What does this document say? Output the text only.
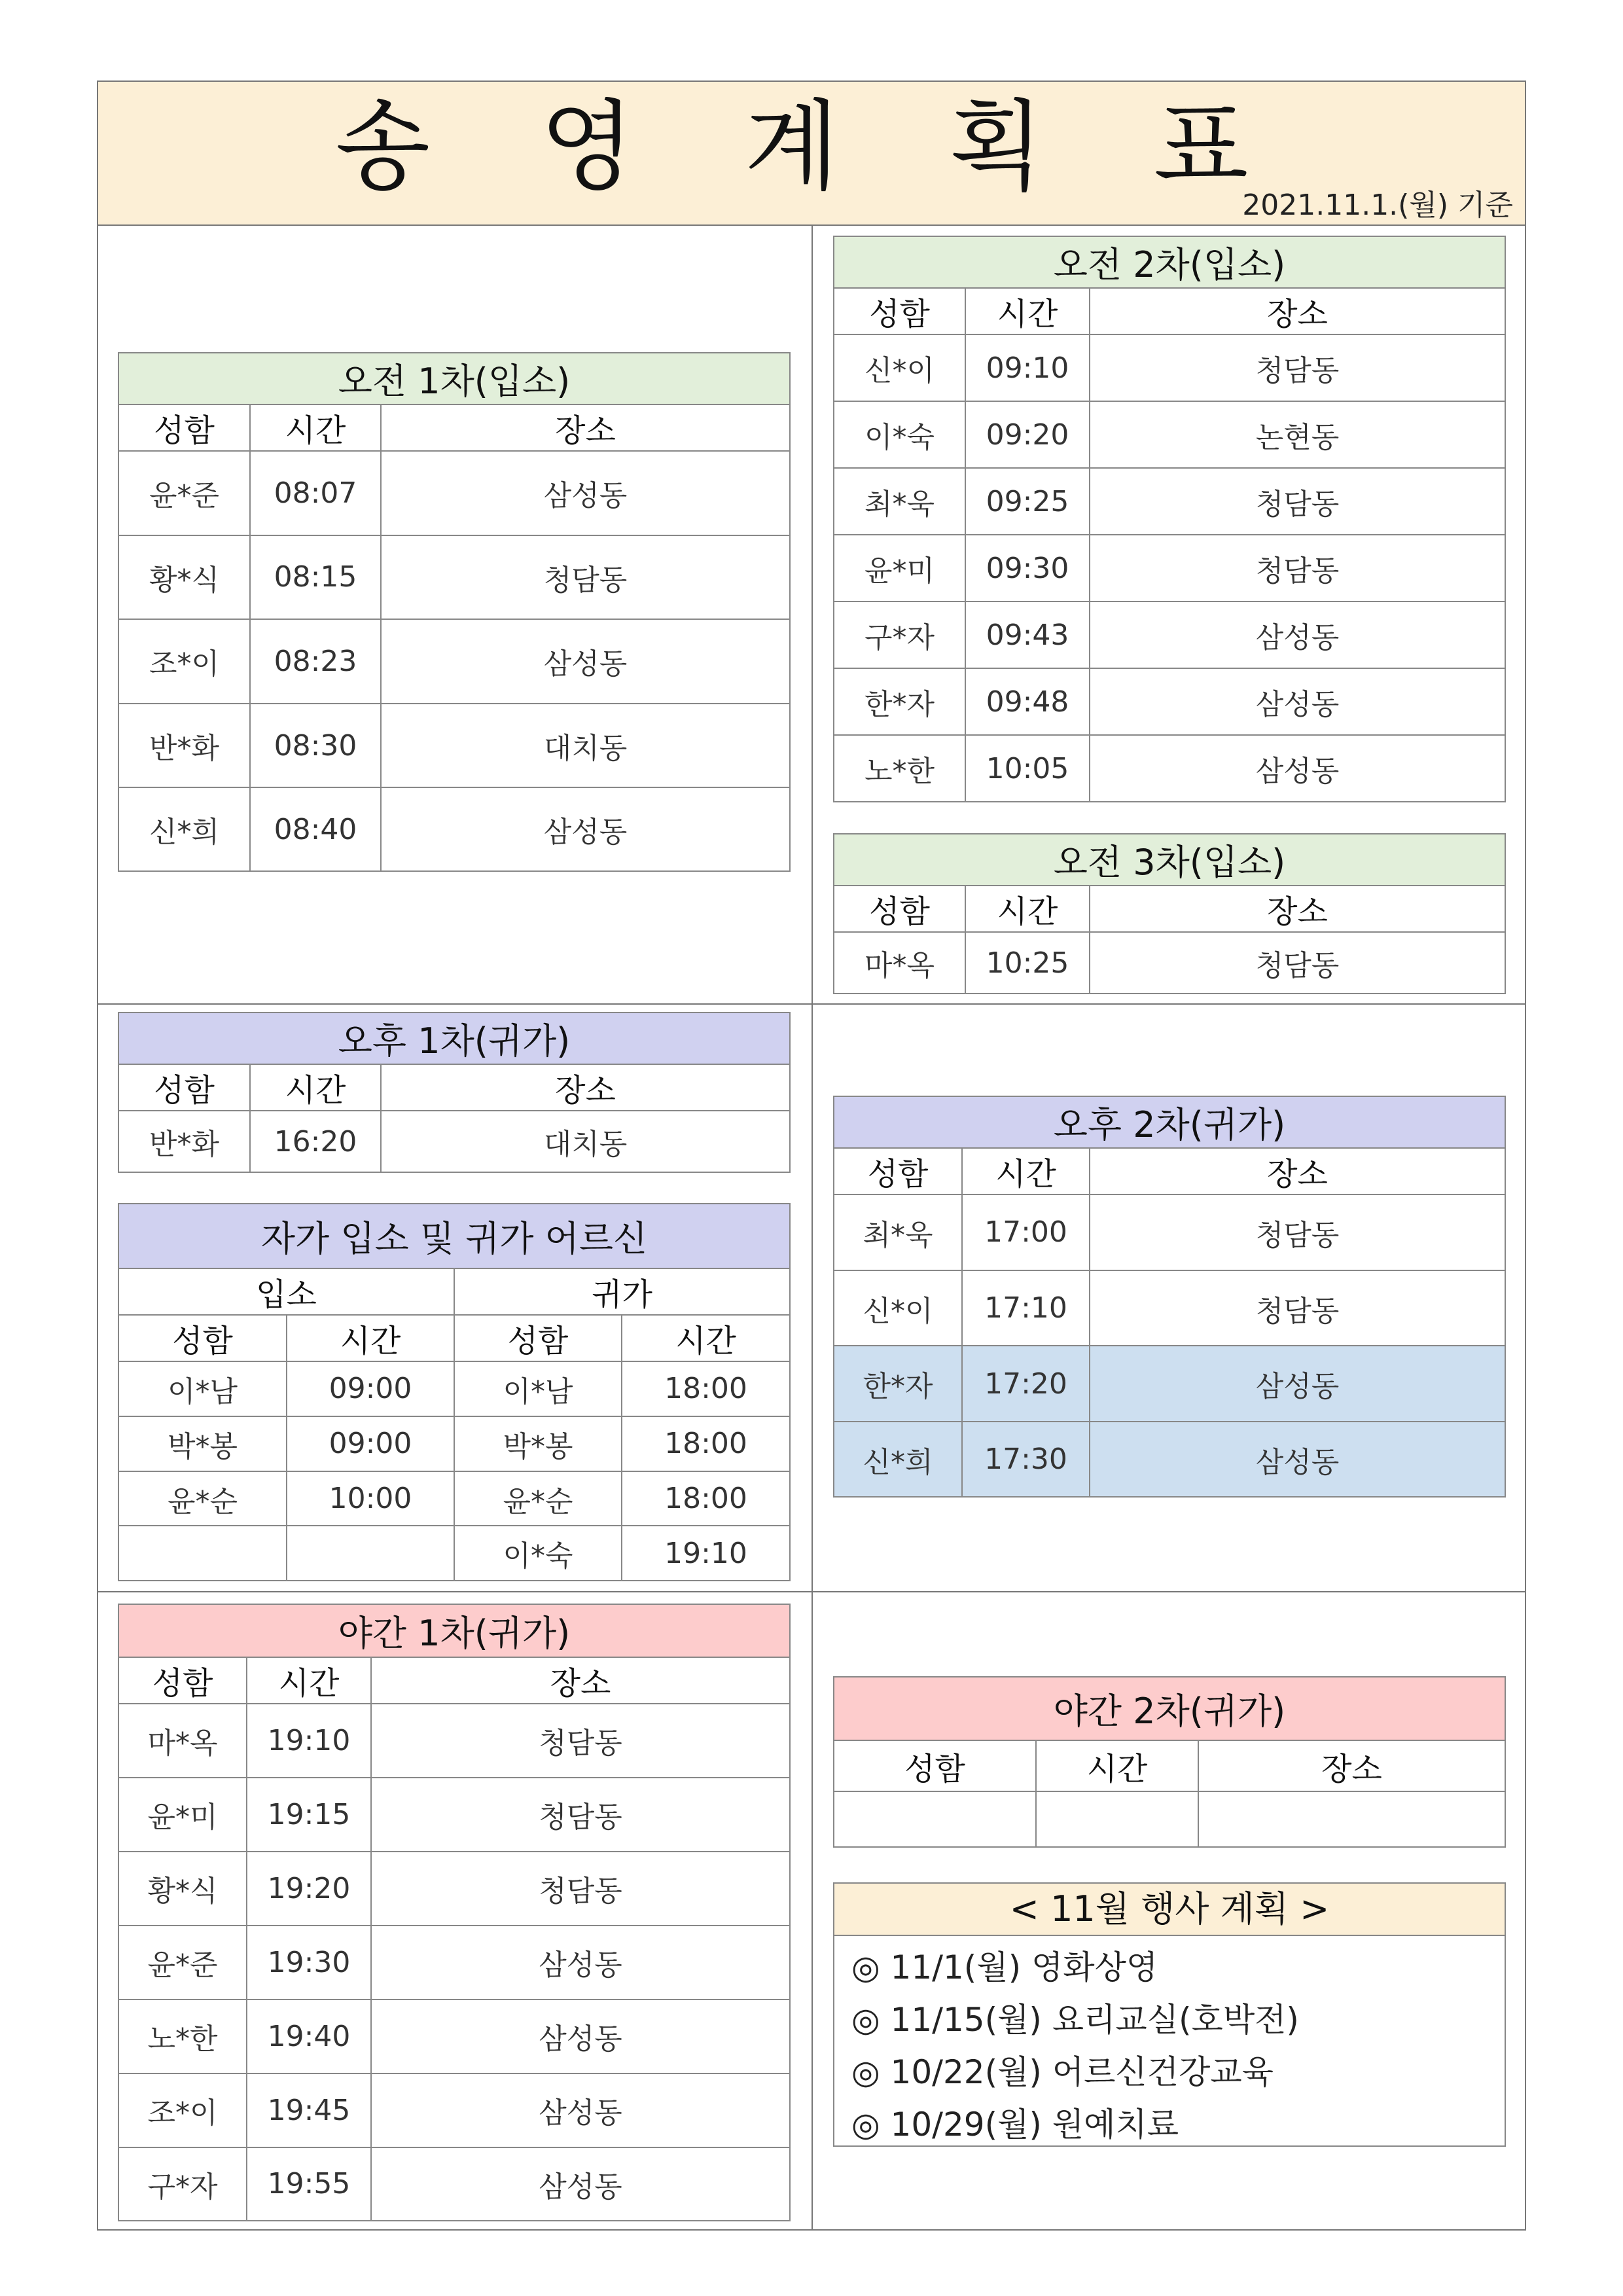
송 영 계 획 표
2021.11.1.(월) 기준
오전 1차(입소)		
성함	시간	장소
윤*준	08:07	삼성동
황*식	08:15	청담동
조*이	08:23	삼성동
반*화	08:30	대치동
신*희	08:40	삼성동
오전 2차(입소)		
성함	시간	장소
신*이	09:10	청담동
이*숙	09:20	논현동
최*욱	09:25	청담동
윤*미	09:30	청담동
구*자	09:43	삼성동
한*자	09:48	삼성동
노*한	10:05	삼성동
오전 3차(입소)		
성함	시간	장소
마*옥	10:25	청담동
오후 1차(귀가)		
성함	시간	장소
반*화	16:20	대치동
자가 입소 및 귀가 어르신			
입소		귀가	
성함	시간	성함	시간
이*남	09:00	이*남	18:00
박*봉	09:00	박*봉	18:00
윤*순	10:00	윤*순	18:00
		이*숙	19:10
오후 2차(귀가)		
성함	시간	장소
최*욱	17:00	청담동
신*이	17:10	청담동
한*자	17:20	삼성동
신*희	17:30	삼성동
야간 1차(귀가)		
성함	시간	장소
마*옥	19:10	청담동
윤*미	19:15	청담동
황*식	19:20	청담동
윤*준	19:30	삼성동
노*한	19:40	삼성동
조*이	19:45	삼성동
구*자	19:55	삼성동
야간 2차(귀가)		
성함	시간	장소

< 11월 행사 계획 >
◎ 11/1(월) 영화상영
◎ 11/15(월) 요리교실(호박전)
◎ 10/22(월) 어르신건강교육
◎ 10/29(월) 원예치료
